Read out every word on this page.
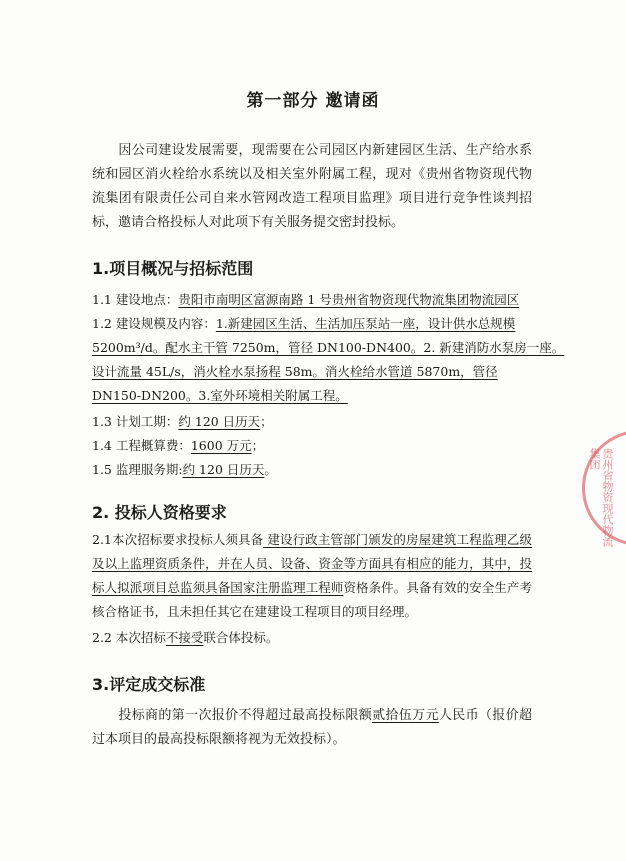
第一部分 邀请函
因公司建设发展需要，现需要在公司园区内新建园区生活、生产给水系统和园区消火栓给水系统以及相关室外附属工程，现对《贵州省物资现代物流集团有限责任公司自来水管网改造工程项目监理》项目进行竞争性谈判招标，邀请合格投标人对此项下有关服务提交密封投标。
1.项目概况与招标范围
1.1 建设地点：贵阳市南明区富源南路 1 号贵州省物资现代物流集团物流园区
1.2 建设规模及内容：1.新建园区生活、生活加压泵站一座，设计供水总规模
5200m³/d。配水主干管 7250m，管径 DN100-DN400。2. 新建消防水泵房一座。
设计流量 45L/s，消火栓水泵扬程 58m。消火栓给水管道 5870m，管径
DN150-DN200。3.室外环境相关附属工程。
1.3 计划工期：约 120 日历天；
1.4 工程概算费：1600 万元；
1.5 监理服务期:约 120 日历天。
2. 投标人资格要求
2.1本次招标要求投标人须具备 建设行政主管部门颁发的房屋建筑工程监理乙级及以上监理资质条件，并在人员、设备、资金等方面具有相应的能力，其中，投标人拟派项目总监须具备国家注册监理工程师资格条件。具备有效的安全生产考核合格证书，且未担任其它在建建设工程项目的项目经理。
2.2 本次招标不接受联合体投标。
3.评定成交标准
投标商的第一次报价不得超过最高投标限额贰拾伍万元人民币（报价超过本项目的最高投标限额将视为无效投标）。
贵州省物资现代物流集团
